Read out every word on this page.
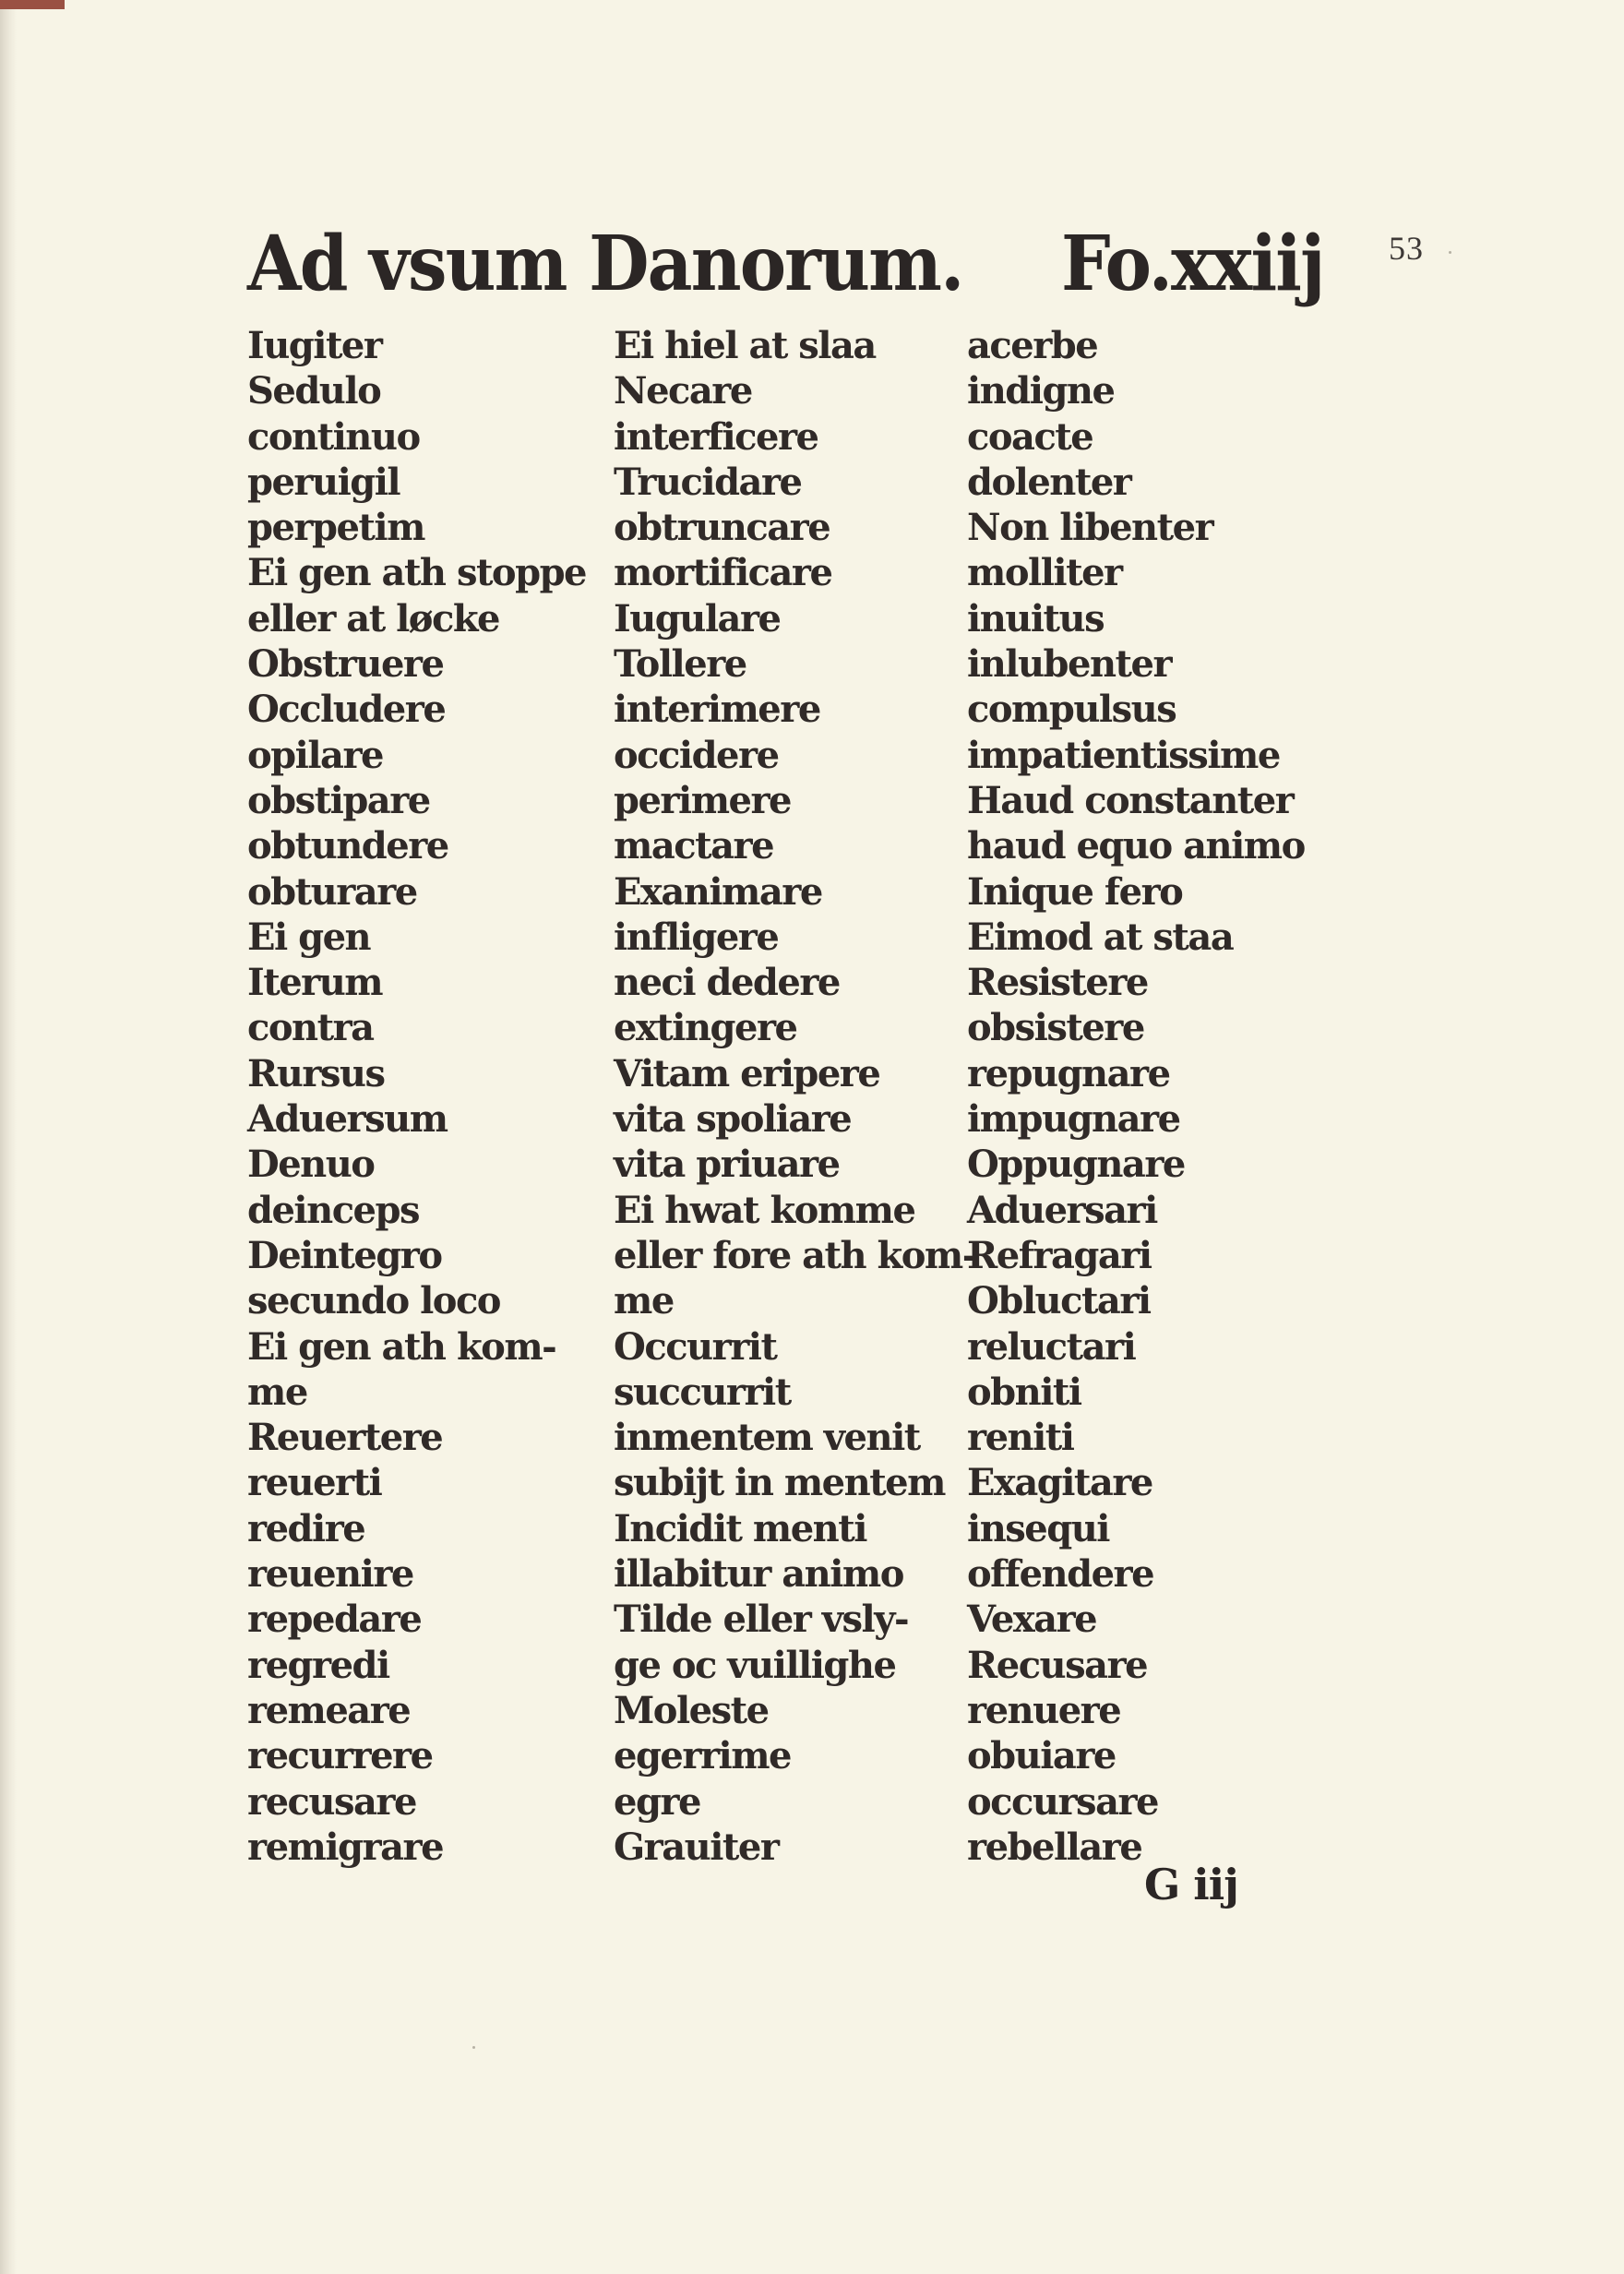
Ad vsum Danorum. Fo.xxiij 53
Iugiter
Sedulo
continuo
peruigil
perpetim
Ei gen ath stoppe
eller at løcke
Obstruere
Occludere
opilare
obstipare
obtundere
obturare
Ei gen
Iterum
contra
Rursus
Aduersum
Denuo
deinceps
Deintegro
secundo loco
Ei gen ath kom-
me
Reuertere
reuerti
redire
reuenire
repedare
regredi
remeare
recurrere
recusare
remigrare
Ei hiel at slaa
Necare
interficere
Trucidare
obtruncare
mortificare
Iugulare
Tollere
interimere
occidere
perimere
mactare
Exanimare
infligere
neci dedere
extingere
Vitam eripere
vita spoliare
vita priuare
Ei hwat komme
eller fore ath kom-
me
Occurrit
succurrit
inmentem venit
subijt in mentem
Incidit menti
illabitur animo
Tilde eller vsly-
ge oc vuillighe
Moleste
egerrime
egre
Grauiter
acerbe
indigne
coacte
dolenter
Non libenter
molliter
inuitus
inlubenter
compulsus
impatientissime
Haud constanter
haud equo animo
Inique fero
Eimod at staa
Resistere
obsistere
repugnare
impugnare
Oppugnare
Aduersari
Refragari
Obluctari
reluctari
obniti
reniti
Exagitare
insequi
offendere
Vexare
Recusare
renuere
obuiare
occursare
rebellare
G iij
